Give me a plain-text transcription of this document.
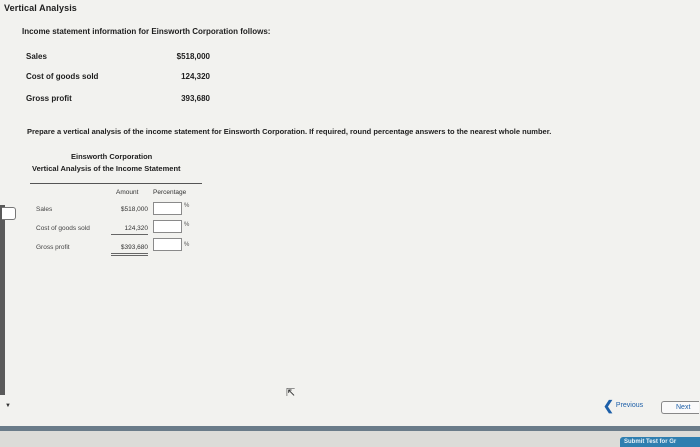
Vertical Analysis
Income statement information for Einsworth Corporation follows:
Sales	$518,000
Cost of goods sold	124,320
Gross profit	393,680
Prepare a vertical analysis of the income statement for Einsworth Corporation. If required, round percentage answers to the nearest whole number.
Einsworth Corporation
Vertical Analysis of the Income Statement
Amount Percentage
Sales	$518,000	%
Cost of goods sold	124,320	%
Gross profit	$393,680	%
▼
⇱
❮ Previous	Next
Submit Test for Gr
